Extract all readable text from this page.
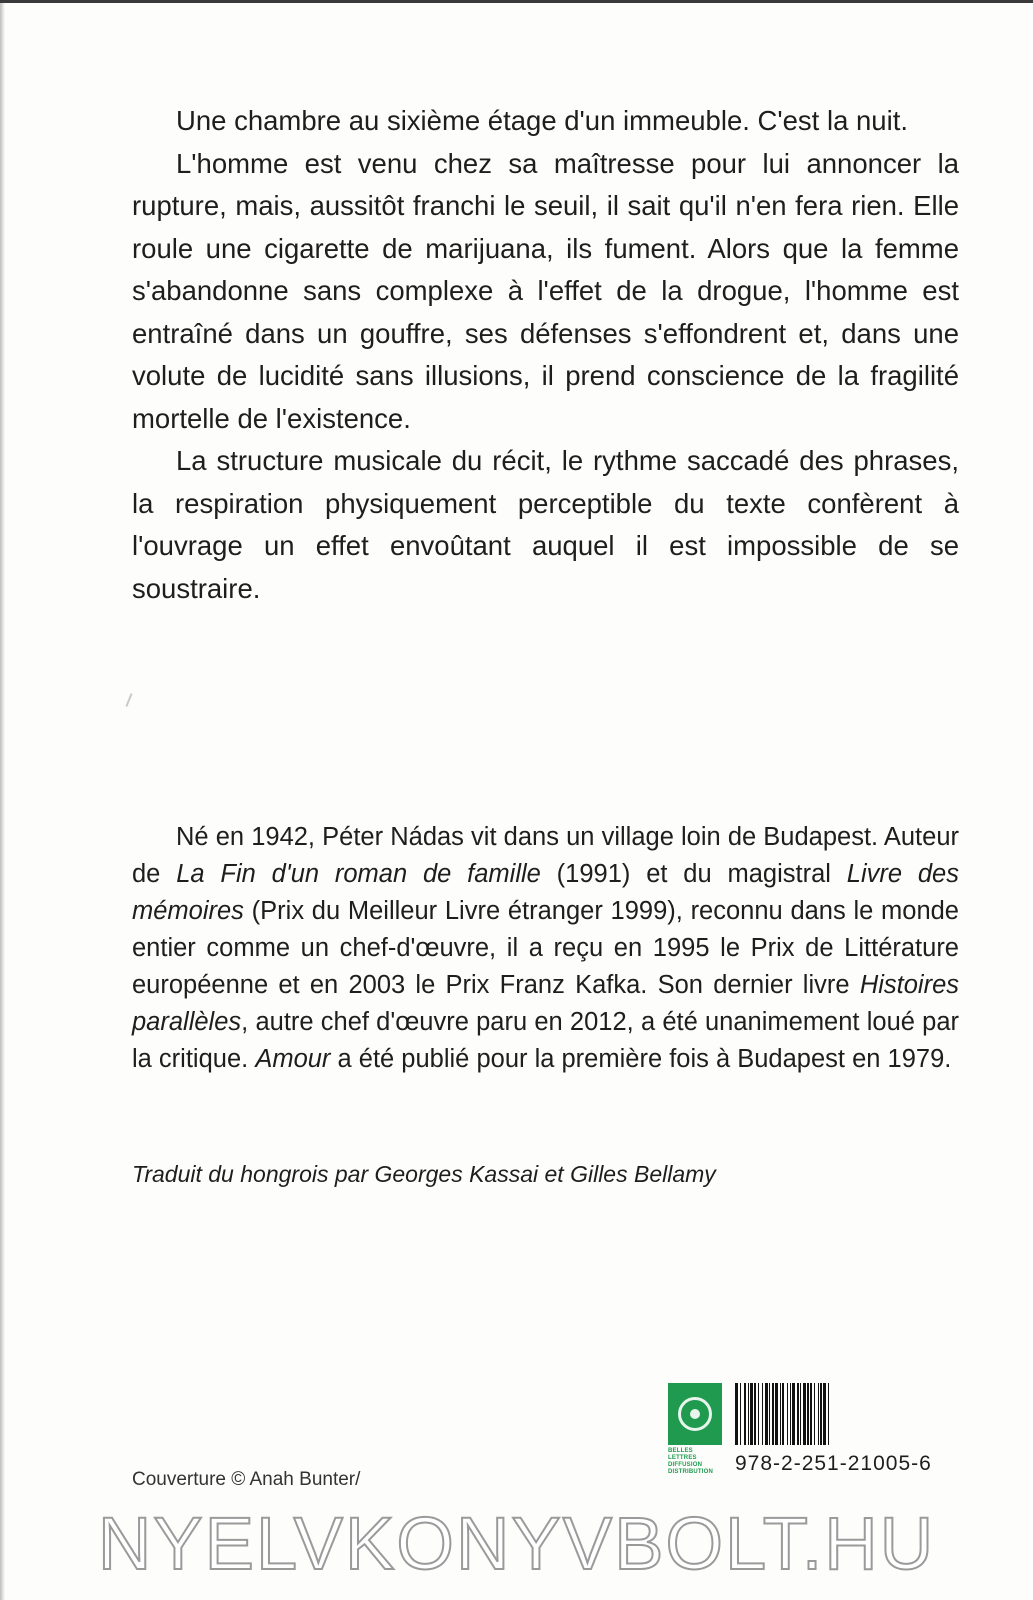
Une chambre au sixième étage d'un immeuble. C'est la nuit.

L'homme est venu chez sa maîtresse pour lui annoncer la rupture, mais, aussitôt franchi le seuil, il sait qu'il n'en fera rien. Elle roule une cigarette de marijuana, ils fument. Alors que la femme s'abandonne sans complexe à l'effet de la drogue, l'homme est entraîné dans un gouffre, ses défenses s'effondrent et, dans une volute de lucidité sans illusions, il prend conscience de la fragilité mortelle de l'existence.

La structure musicale du récit, le rythme saccadé des phrases, la respiration physiquement perceptible du texte confèrent à l'ouvrage un effet envoûtant auquel il est impossible de se soustraire.

Né en 1942, Péter Nádas vit dans un village loin de Budapest. Auteur de La Fin d'un roman de famille (1991) et du magistral Livre des mémoires (Prix du Meilleur Livre étranger 1999), reconnu dans le monde entier comme un chef-d'œuvre, il a reçu en 1995 le Prix de Littérature européenne et en 2003 le Prix Franz Kafka. Son dernier livre Histoires parallèles, autre chef d'œuvre paru en 2012, a été unanimement loué par la critique. Amour a été publié pour la première fois à Budapest en 1979.

Traduit du hongrois par Georges Kassai et Gilles Bellamy
Couverture © Anah Bunter/
BELLES LETTRES DIFFUSION DISTRIBUTION	978-2-251-21005-6
NYELVKONYVBOLT.HU
